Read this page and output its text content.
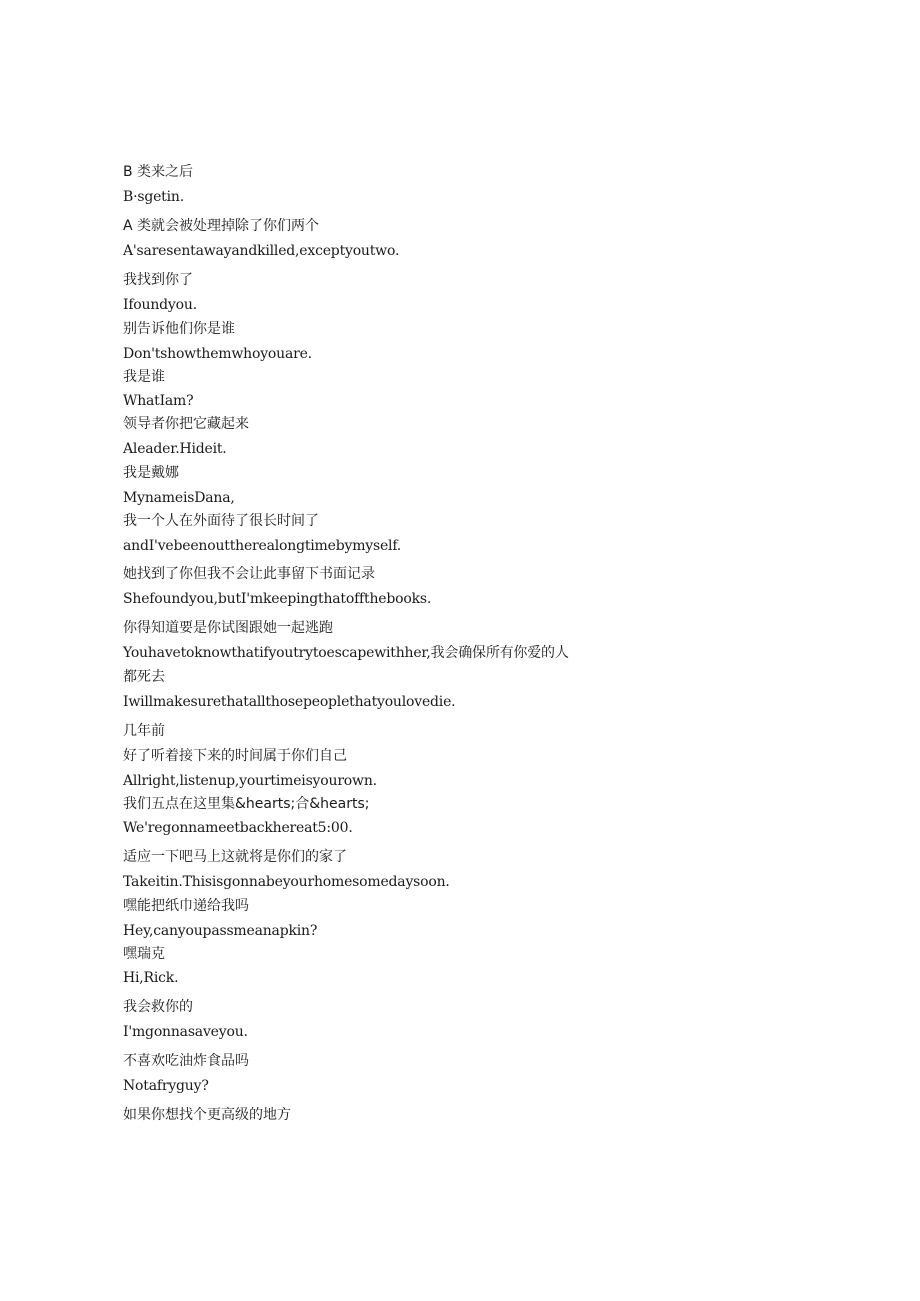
B 类来之后
B·sgetin.
A 类就会被处理掉除了你们两个
A'saresentawayandkilled,exceptyoutwo.
我找到你了
Ifoundyou.
别告诉他们你是谁
Don'tshowthemwhoyouare.
我是谁
WhatIam?
领导者你把它藏起来
Aleader.Hideit.
我是戴娜
MynameisDana,
我一个人在外面待了很长时间了
andI'vebeenouttherealongtimebymyself.
她找到了你但我不会让此事留下书面记录
Shefoundyou,butI'mkeepingthatoffthebooks.
你得知道要是你试图跟她一起逃跑
Youhavetoknowthatifyoutrytoescapewithher,我会确保所有你爱的人
都死去
Iwillmakesurethatallthosepeoplethatyoulovedie.
几年前
好了听着接下来的时间属于你们自己
Allright,listenup,yourtimeisyourown.
我们五点在这里集&hearts;合&hearts;
We'regonnameetbackhereat5:00.
适应一下吧马上这就将是你们的家了
Takeitin.Thisisgonnabeyourhomesomedaysoon.
嘿能把纸巾递给我吗
Hey,canyoupassmeanapkin?
嘿瑞克
Hi,Rick.
我会救你的
I'mgonnasaveyou.
不喜欢吃油炸食品吗
Notafryguy?
如果你想找个更高级的地方
